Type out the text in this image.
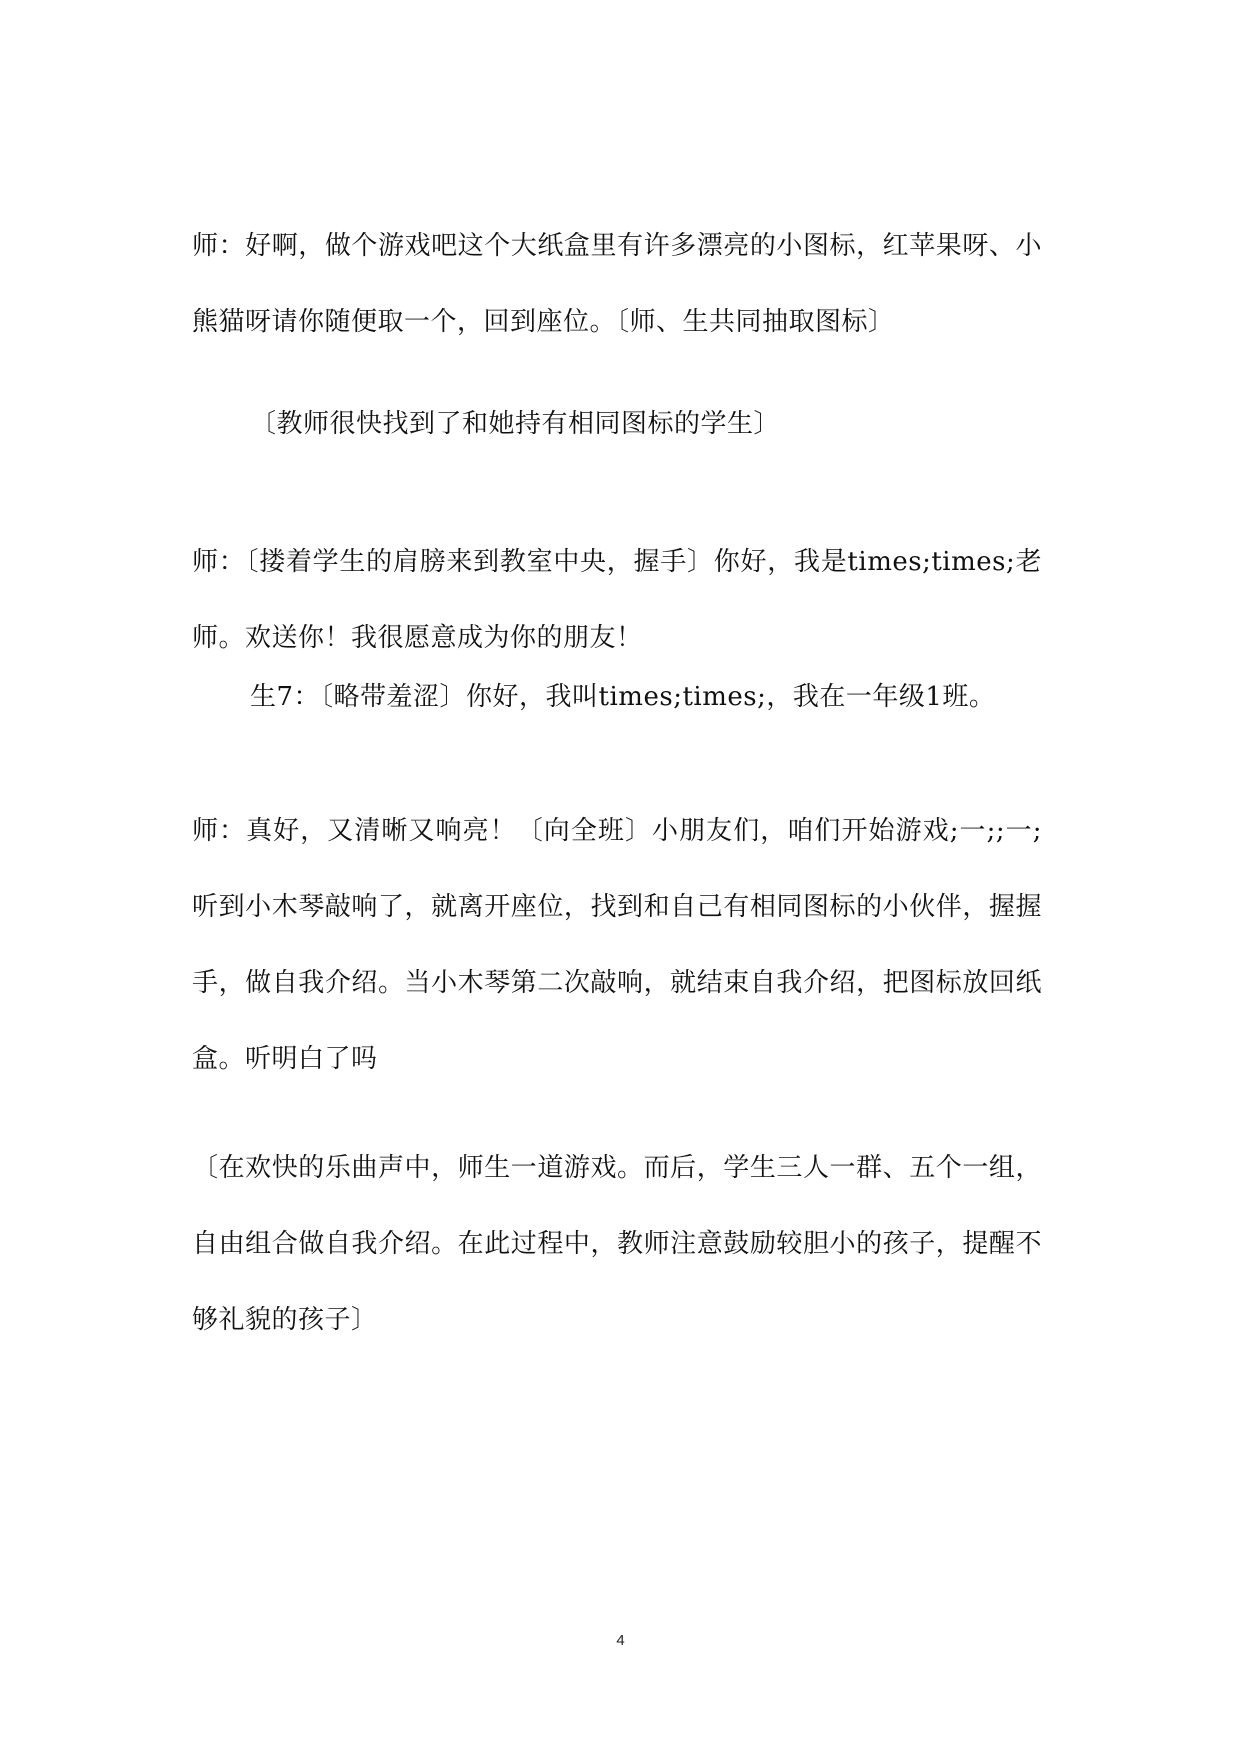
师：好啊，做个游戏吧这个大纸盒里有许多漂亮的小图标，红苹果呀、小熊猫呀请你随便取一个，回到座位。〔师、生共同抽取图标〕

〔教师很快找到了和她持有相同图标的学生〕

师：〔搂着学生的肩膀来到教室中央，握手〕你好，我是times;times;老师。欢送你！我很愿意成为你的朋友！

生7：〔略带羞涩〕你好，我叫times;times;，我在一年级1班。

师：真好，又清晰又响亮！〔向全班〕小朋友们，咱们开始游戏;一;;一;听到小木琴敲响了，就离开座位，找到和自己有相同图标的小伙伴，握握手，做自我介绍。当小木琴第二次敲响，就结束自我介绍，把图标放回纸盒。听明白了吗

〔在欢快的乐曲声中，师生一道游戏。而后，学生三人一群、五个一组，自由组合做自我介绍。在此过程中，教师注意鼓励较胆小的孩子，提醒不够礼貌的孩子〕

4
